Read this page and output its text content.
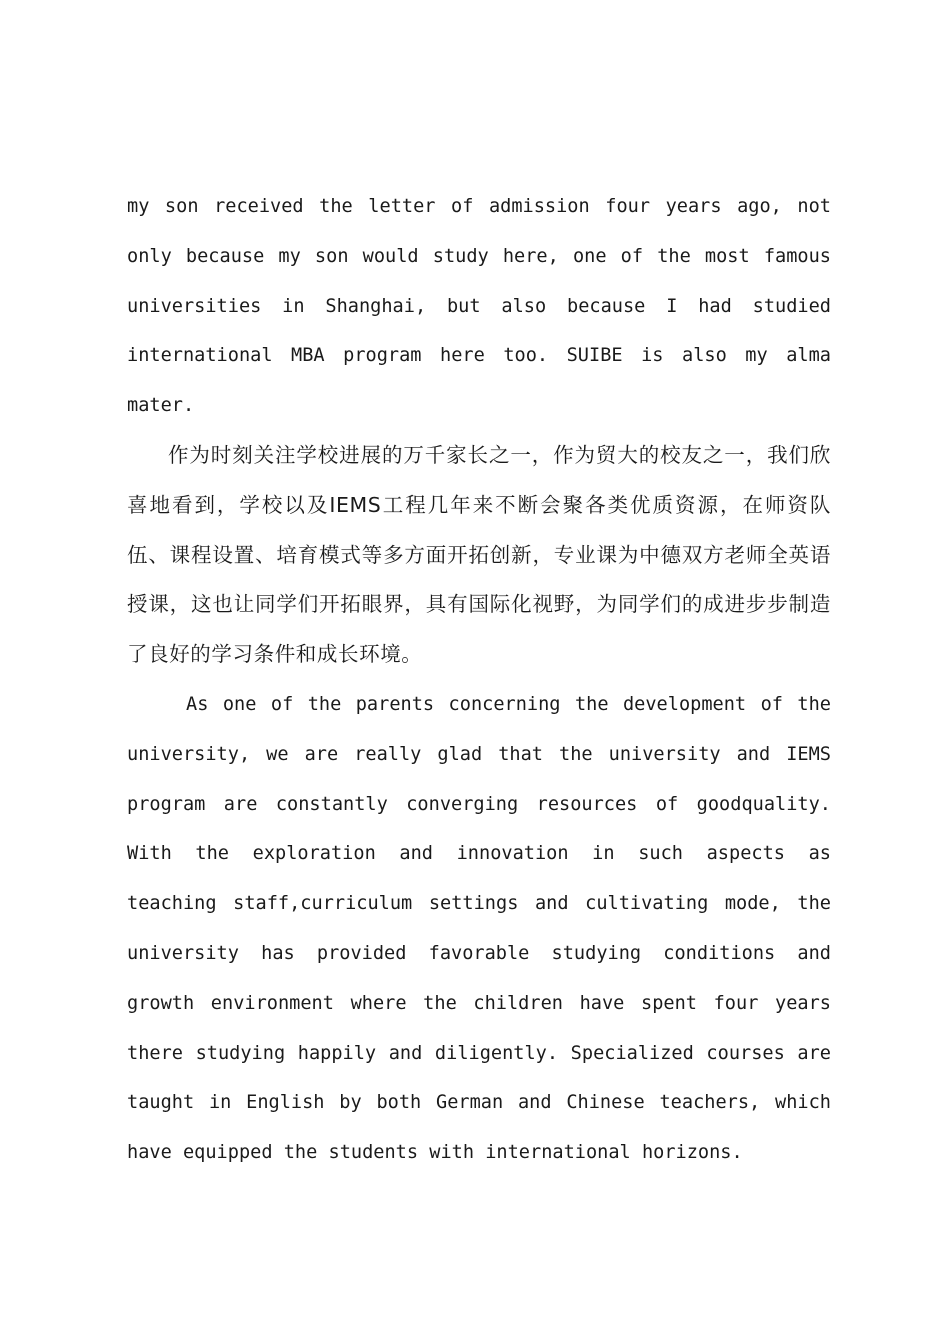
my son received the letter of admission four years ago, not only because my son would study here, one of the most famous universities in Shanghai, but also because I had studied international MBA program here too. SUIBE is also my alma mater.

作为时刻关注学校进展的万千家长之一，作为贸大的校友之一，我们欣喜地看到，学校以及IEMS工程几年来不断会聚各类优质资源，在师资队伍、课程设置、培育模式等多方面开拓创新，专业课为中德双方老师全英语授课，这也让同学们开拓眼界，具有国际化视野，为同学们的成进步步制造了良好的学习条件和成长环境。

As one of the parents concerning the development of the university, we are really glad that the university and IEMS program are constantly converging resources of goodquality. With the exploration and innovation in such aspects as teaching staff,curriculum settings and cultivating mode, the university has provided favorable studying conditions and growth environment where the children have spent four years there studying happily and diligently. Specialized courses are taught in English by both German and Chinese teachers, which have equipped the students with international horizons.
